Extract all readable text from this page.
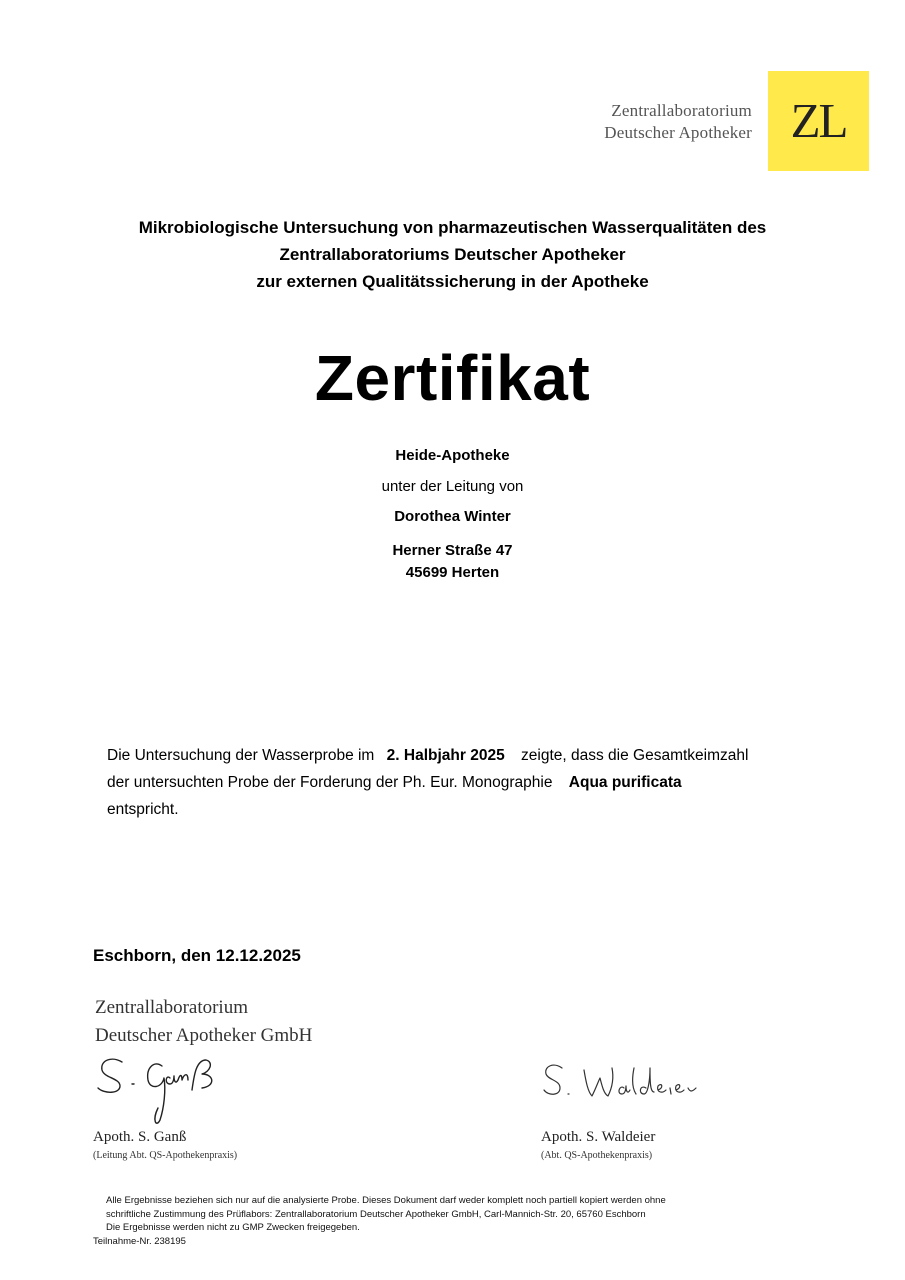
Zentrallaboratorium
Deutscher Apotheker ZL
Mikrobiologische Untersuchung von pharmazeutischen Wasserqualitäten des
Zentrallaboratoriums Deutscher Apotheker
zur externen Qualitätssicherung in der Apotheke
Zertifikat
Heide-Apotheke
unter der Leitung von
Dorothea Winter
Herner Straße 47
45699 Herten
Die Untersuchung der Wasserprobe im 2. Halbjahr 2025 zeigte, dass die Gesamtkeimzahl
der untersuchten Probe der Forderung der Ph. Eur. Monographie Aqua purificata
entspricht.
Eschborn, den 12.12.2025
Zentrallaboratorium
Deutscher Apotheker GmbH
Apoth. S. Ganß
(Leitung Abt. QS-Apothekenpraxis)
Apoth. S. Waldeier
(Abt. QS-Apothekenpraxis)
Alle Ergebnisse beziehen sich nur auf die analysierte Probe. Dieses Dokument darf weder komplett noch partiell kopiert werden ohne
schriftliche Zustimmung des Prüflabors: Zentrallaboratorium Deutscher Apotheker GmbH, Carl-Mannich-Str. 20, 65760 Eschborn
Die Ergebnisse werden nicht zu GMP Zwecken freigegeben.
Teilnahme-Nr. 238195
